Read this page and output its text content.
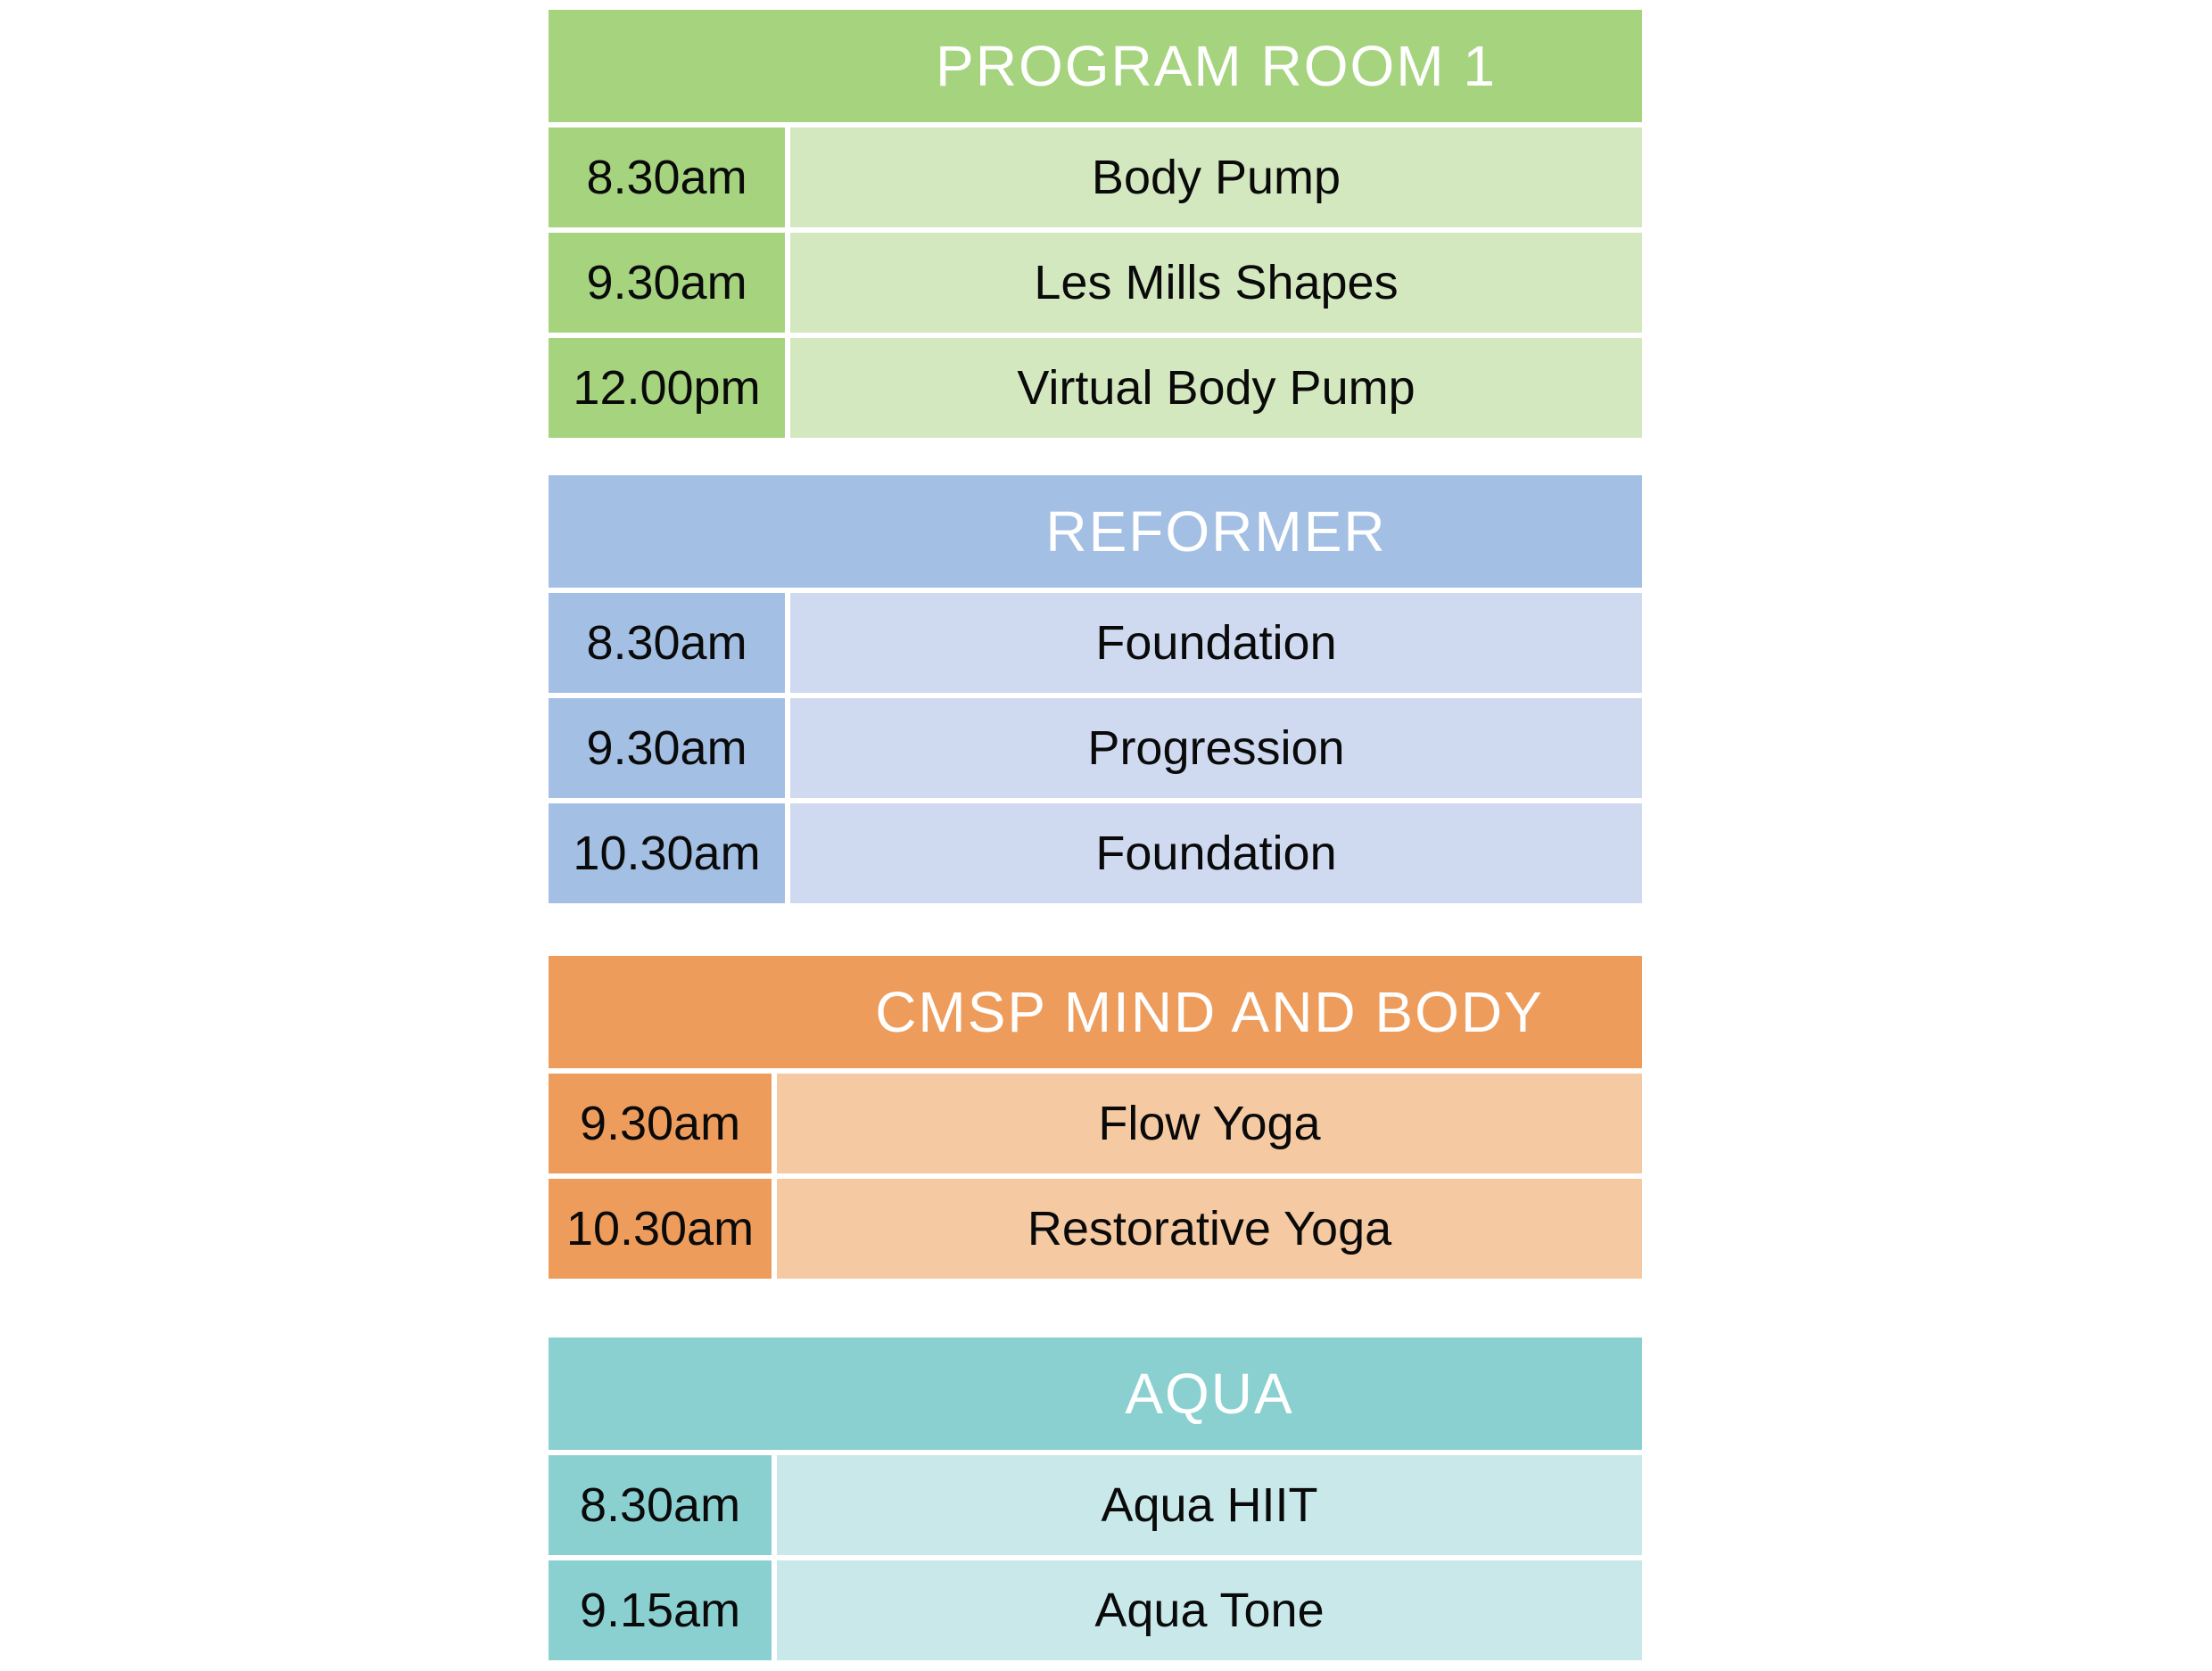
PROGRAM ROOM 1
8.30am	Body Pump
9.30am	Les Mills Shapes
12.00pm	Virtual Body Pump
REFORMER
8.30am	Foundation
9.30am	Progression
10.30am	Foundation
CMSP MIND AND BODY
9.30am	Flow Yoga
10.30am	Restorative Yoga
AQUA
8.30am	Aqua HIIT
9.15am	Aqua Tone
